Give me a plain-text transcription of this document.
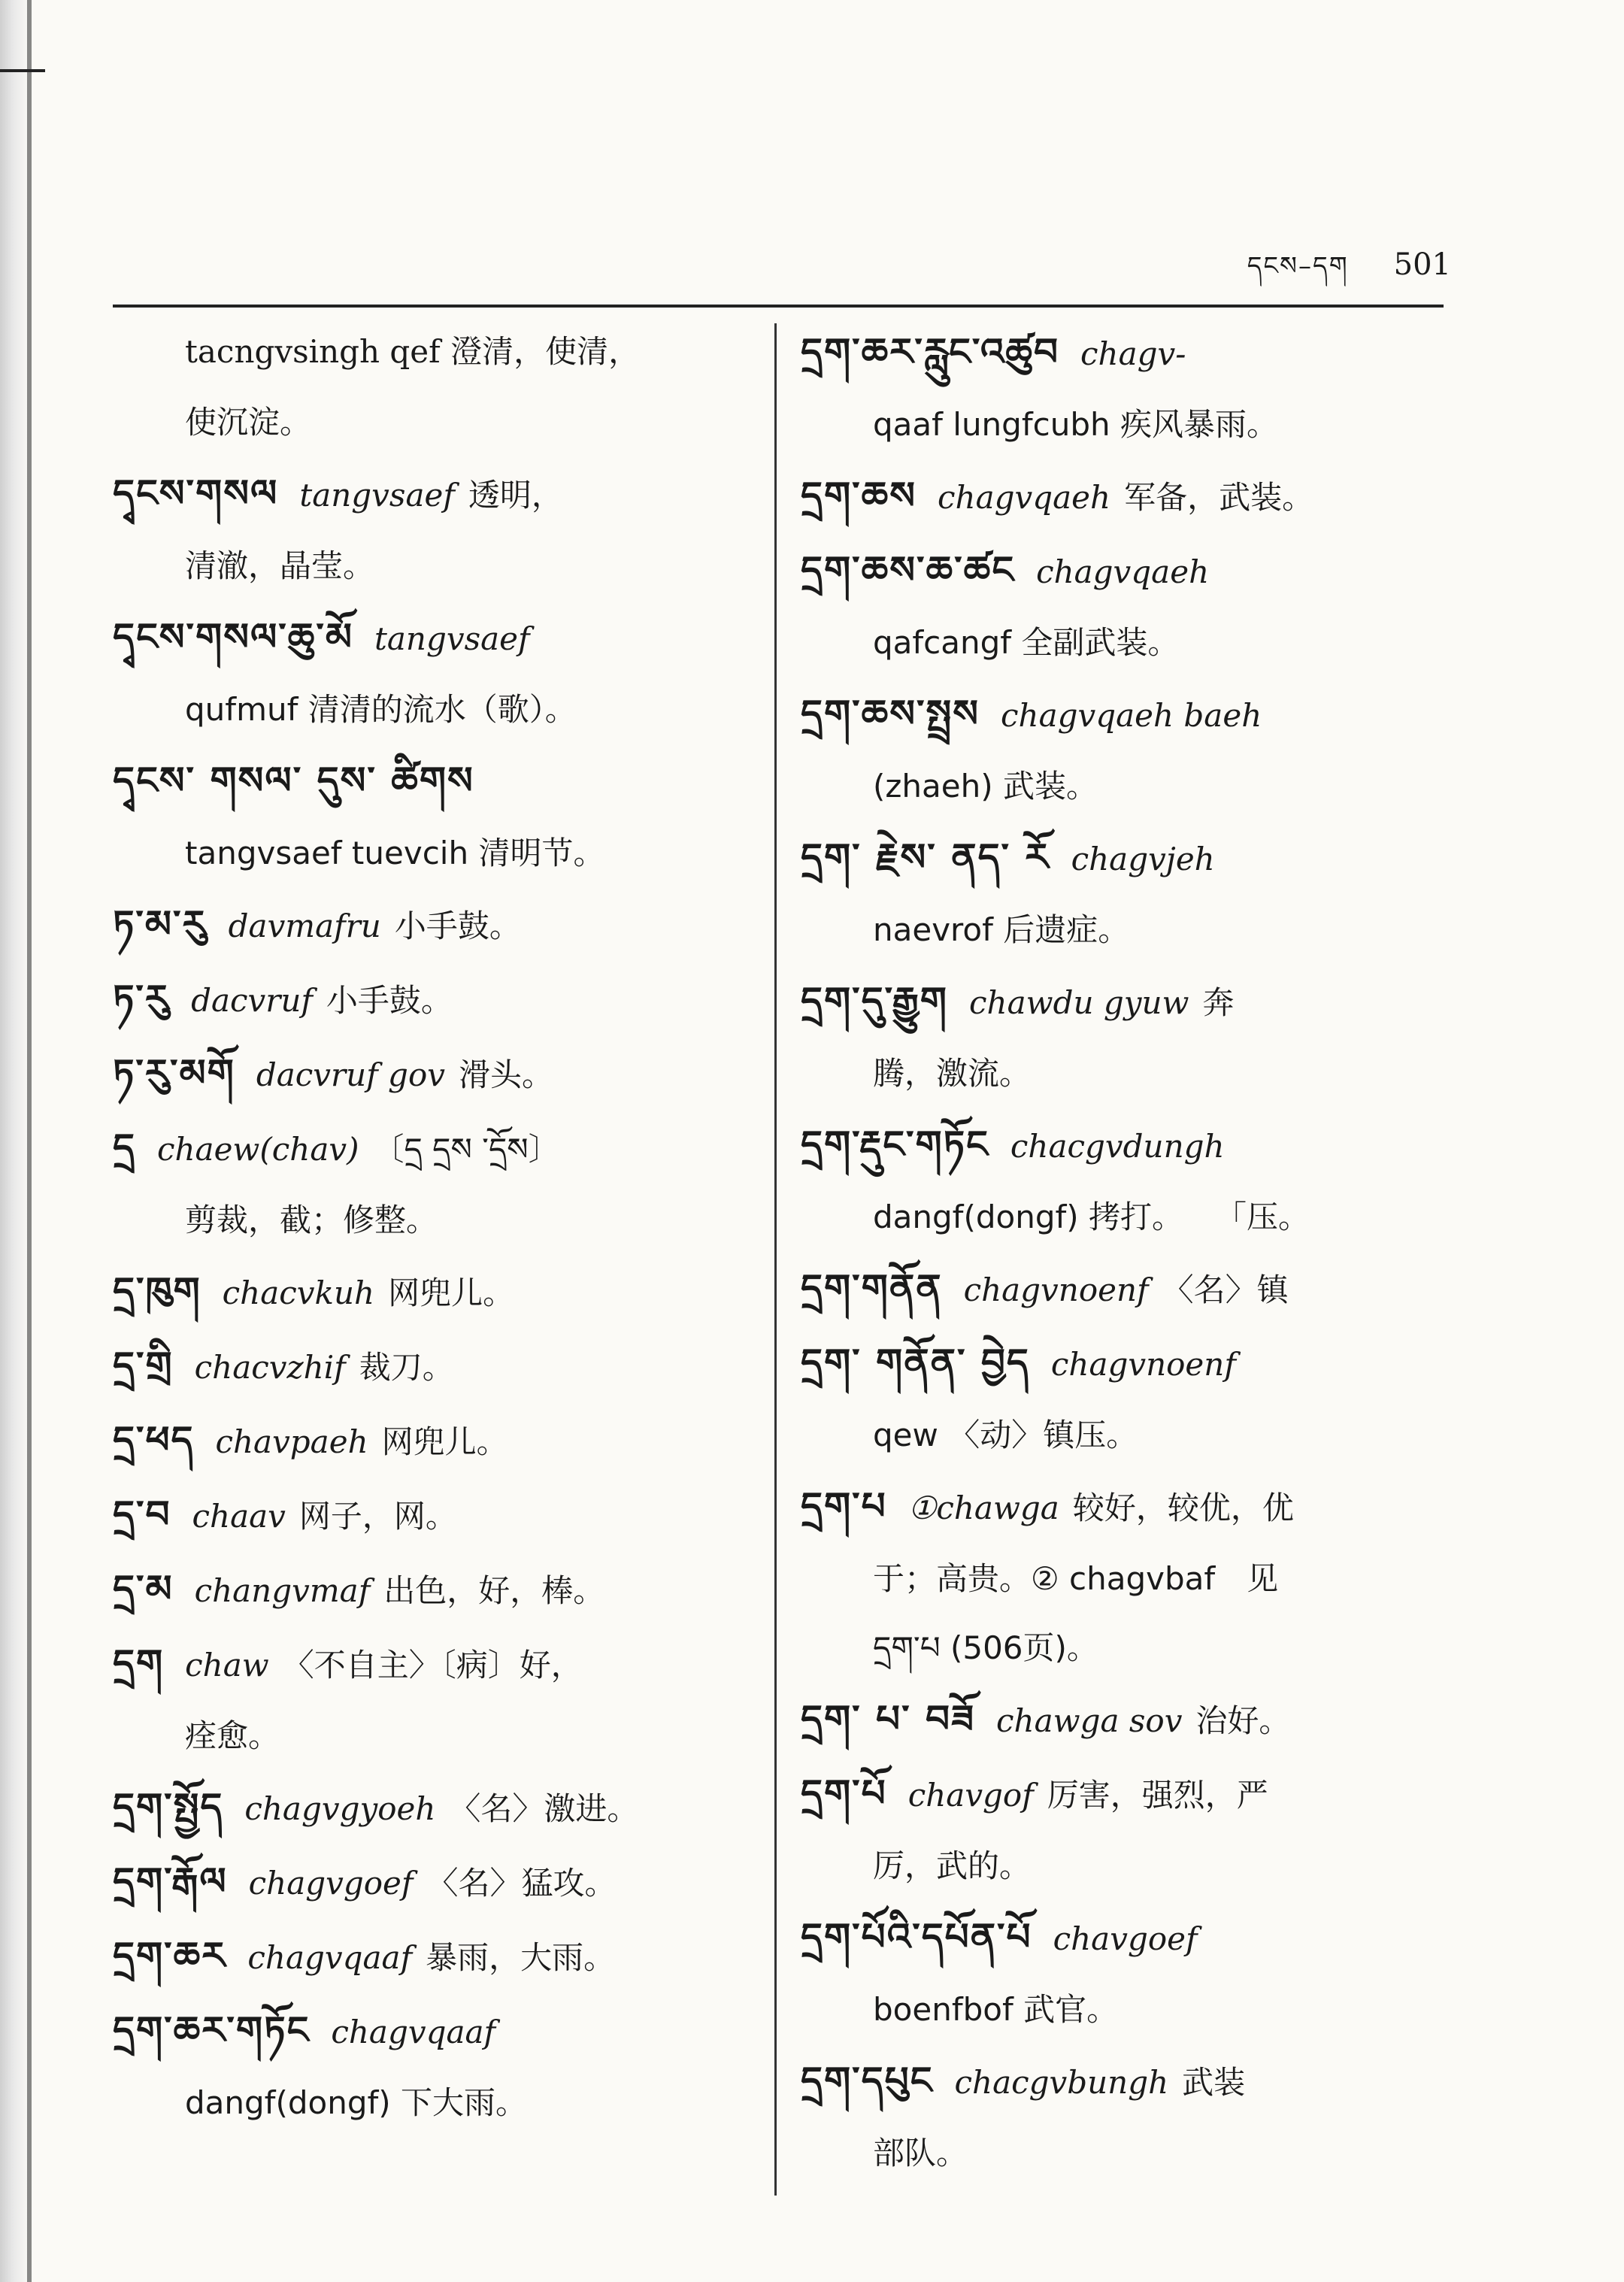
དངས–དག 501
tacngvsingh qef 澄清，使清，
使沉淀。
དྭངས་གསལ tangvsaef 透明，
清澈，晶莹。
དྭངས་གསལ་ཆུ་མོ tangvsaef
qufmuf 清清的流水（歌）。
དྭངས་ གསལ་ དུས་ ཚིགས
tangvsaef tuevcih 清明节。
ཏ་མ་རུ davmafru 小手鼓。
ཏ་རུ dacvruf 小手鼓。
ཏ་རུ་མགོ dacvruf gov 滑头。
དྲ chaew(chav) 〔དྲ དྲས ་དྲོས〕
剪裁，截；修整。
དྲ་ཁུག chacvkuh 网兜儿。
དྲ་གྲི chacvzhif 裁刀。
དྲ་ཕད chavpaeh 网兜儿。
དྲ་བ chaav 网子，网。
དྲ་མ changvmaf 出色，好，棒。
དྲག chaw 〈不自主〉〔病〕好，
痊愈。
དྲག་སྤྱོད chagvgyoeh 〈名〉激进。
དྲག་རྒོལ chagvgoef 〈名〉猛攻。
དྲག་ཆར chagvqaaf 暴雨，大雨。
དྲག་ཆར་གཏོང chagvqaaf
dangf(dongf) 下大雨。
དྲག་ཆར་རླུང་འཚུབ chagv-
qaaf lungfcubh 疾风暴雨。
དྲག་ཆས chagvqaeh 军备，武装。
དྲག་ཆས་ཆ་ཚང chagvqaeh
qafcangf 全副武装。
དྲག་ཆས་སྤྲས chagvqaeh baeh
(zhaeh) 武装。
དྲག་ རྗེས་ ནད་ རོ chagvjeh
naevrof 后遗症。
དྲག་དུ་རྒྱུག chawdu gyuw 奔
腾，激流。
དྲག་རྡུང་གཏོང chacgvdungh
dangf(dongf) 拷打。　　「压。
དྲག་གནོན chagvnoenf 〈名〉镇
དྲག་ གནོན་ བྱེད chagvnoenf
qew 〈动〉镇压。
དྲག་པ ①chawga 较好，较优，优
于；高贵。② chagvbaf　见
དྲག་པ (506页)。
དྲག་ པ་ བཟོ chawga sov 治好。
དྲག་པོ chavgof 厉害，强烈，严
厉，武的。
དྲག་པོའི་དཔོན་པོ chavgoef
boenfbof 武官。
དྲག་དཔུང chacgvbungh 武装
部队。
